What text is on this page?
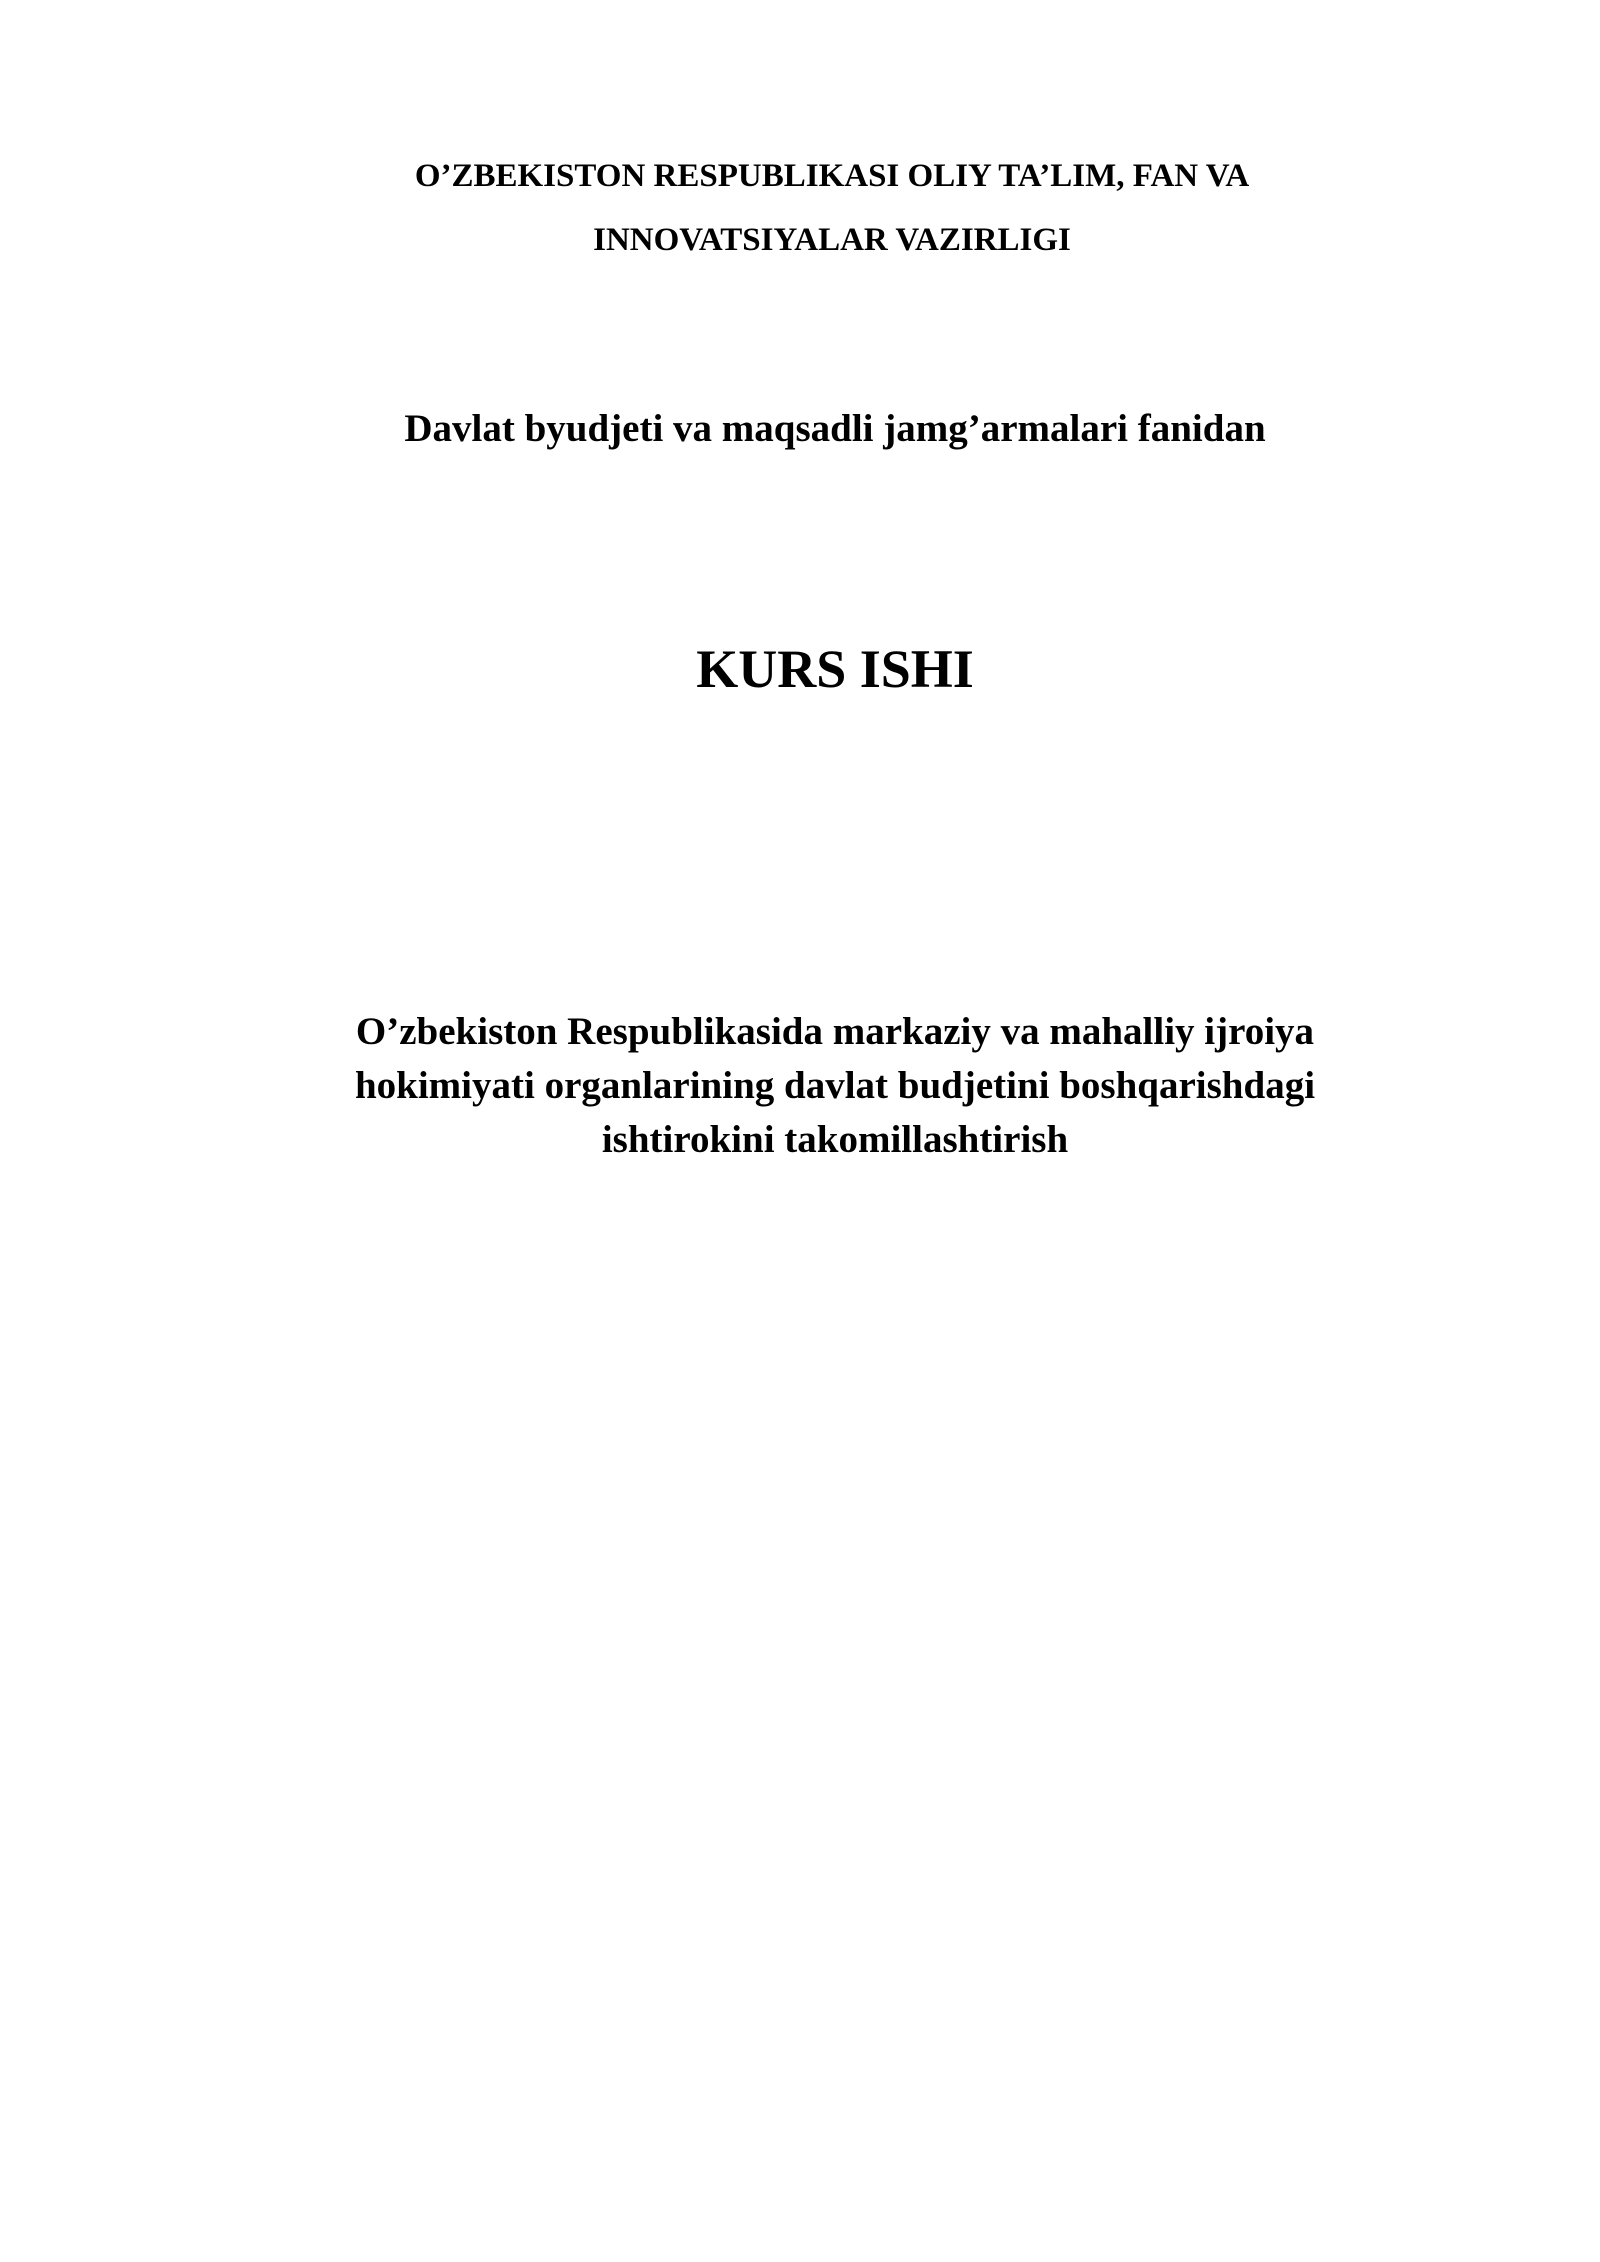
O’ZBEKISTON RESPUBLIKASI OLIY TA’LIM, FAN VA
INNOVATSIYALAR VAZIRLIGI
Davlat byudjeti va maqsadli jamg’armalari fanidan
KURS ISHI
O’zbekiston Respublikasida markaziy va mahalliy ijroiya
hokimiyati organlarining davlat budjetini boshqarishdagi
ishtirokini takomillashtirish
